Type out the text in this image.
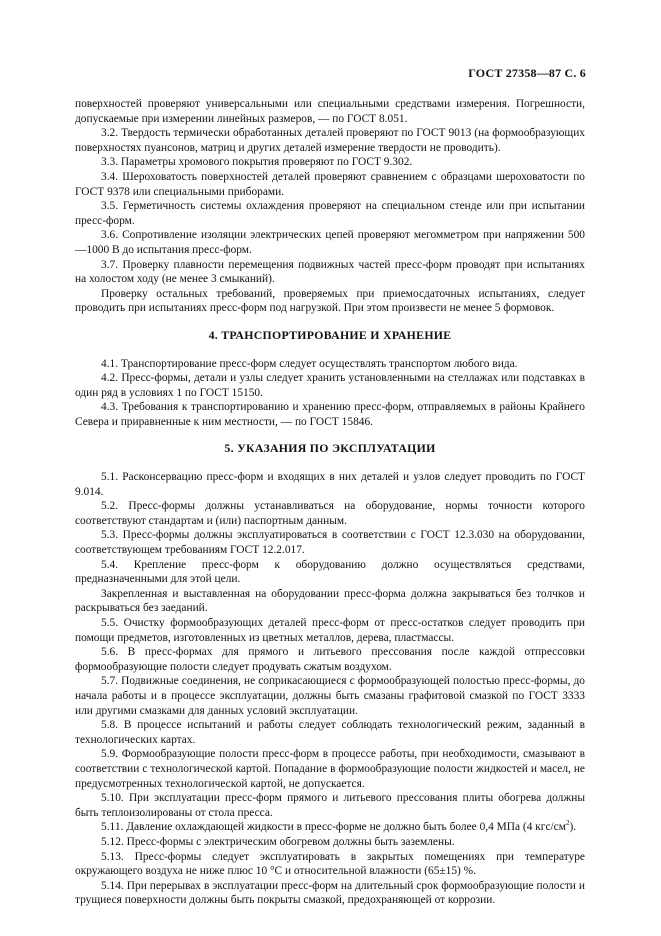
ГОСТ 27358—87 С. 6

поверхностей проверяют универсальными или специальными средствами измерения. Погрешности, допускаемые при измерении линейных размеров, — по ГОСТ 8.051.

3.2. Твердость термически обработанных деталей проверяют по ГОСТ 9013 (на формообразующих поверхностях пуансонов, матриц и других деталей измерение твердости не проводить).

3.3. Параметры хромового покрытия проверяют по ГОСТ 9.302.

3.4. Шероховатость поверхностей деталей проверяют сравнением с образцами шероховатости по ГОСТ 9378 или специальными приборами.

3.5. Герметичность системы охлаждения проверяют на специальном стенде или при испытании пресс-форм.

3.6. Сопротивление изоляции электрических цепей проверяют мегомметром при напряжении 500—1000 В до испытания пресс-форм.

3.7. Проверку плавности перемещения подвижных частей пресс-форм проводят при испытаниях на холостом ходу (не менее 3 смыканий).

Проверку остальных требований, проверяемых при приемосдаточных испытаниях, следует проводить при испытаниях пресс-форм под нагрузкой. При этом произвести не менее 5 формовок.

4. ТРАНСПОРТИРОВАНИЕ И ХРАНЕНИЕ

4.1. Транспортирование пресс-форм следует осуществлять транспортом любого вида.

4.2. Пресс-формы, детали и узлы следует хранить установленными на стеллажах или подставках в один ряд в условиях 1 по ГОСТ 15150.

4.3. Требования к транспортированию и хранению пресс-форм, отправляемых в районы Крайнего Севера и приравненные к ним местности, — по ГОСТ 15846.

5. УКАЗАНИЯ ПО ЭКСПЛУАТАЦИИ

5.1. Расконсервацию пресс-форм и входящих в них деталей и узлов следует проводить по ГОСТ 9.014.

5.2. Пресс-формы должны устанавливаться на оборудование, нормы точности которого соответствуют стандартам и (или) паспортным данным.

5.3. Пресс-формы должны эксплуатироваться в соответствии с ГОСТ 12.3.030 на оборудовании, соответствующем требованиям ГОСТ 12.2.017.

5.4. Крепление пресс-форм к оборудованию должно осуществляться средствами, предназначенными для этой цели.

Закрепленная и выставленная на оборудовании пресс-форма должна закрываться без толчков и раскрываться без заеданий.

5.5. Очистку формообразующих деталей пресс-форм от пресс-остатков следует проводить при помощи предметов, изготовленных из цветных металлов, дерева, пластмассы.

5.6. В пресс-формах для прямого и литьевого прессования после каждой отпрессовки формообразующие полости следует продувать сжатым воздухом.

5.7. Подвижные соединения, не соприкасающиеся с формообразующей полостью пресс-формы, до начала работы и в процессе эксплуатации, должны быть смазаны графитовой смазкой по ГОСТ 3333 или другими смазками для данных условий эксплуатации.

5.8. В процессе испытаний и работы следует соблюдать технологический режим, заданный в технологических картах.

5.9. Формообразующие полости пресс-форм в процессе работы, при необходимости, смазывают в соответствии с технологической картой. Попадание в формообразующие полости жидкостей и масел, не предусмотренных технологической картой, не допускается.

5.10. При эксплуатации пресс-форм прямого и литьевого прессования плиты обогрева должны быть теплоизолированы от стола пресса.

5.11. Давление охлаждающей жидкости в пресс-форме не должно быть более 0,4 МПа (4 кгс/$см^2$).

5.12. Пресс-формы с электрическим обогревом должны быть заземлены.

5.13. Пресс-формы следует эксплуатировать в закрытых помещениях при температуре окружающего воздуха не ниже плюс 10 °С и относительной влажности (65±15) %.

5.14. При перерывах в эксплуатации пресс-форм на длительный срок формообразующие полости и трущиеся поверхности должны быть покрыты смазкой, предохраняющей от коррозии.
